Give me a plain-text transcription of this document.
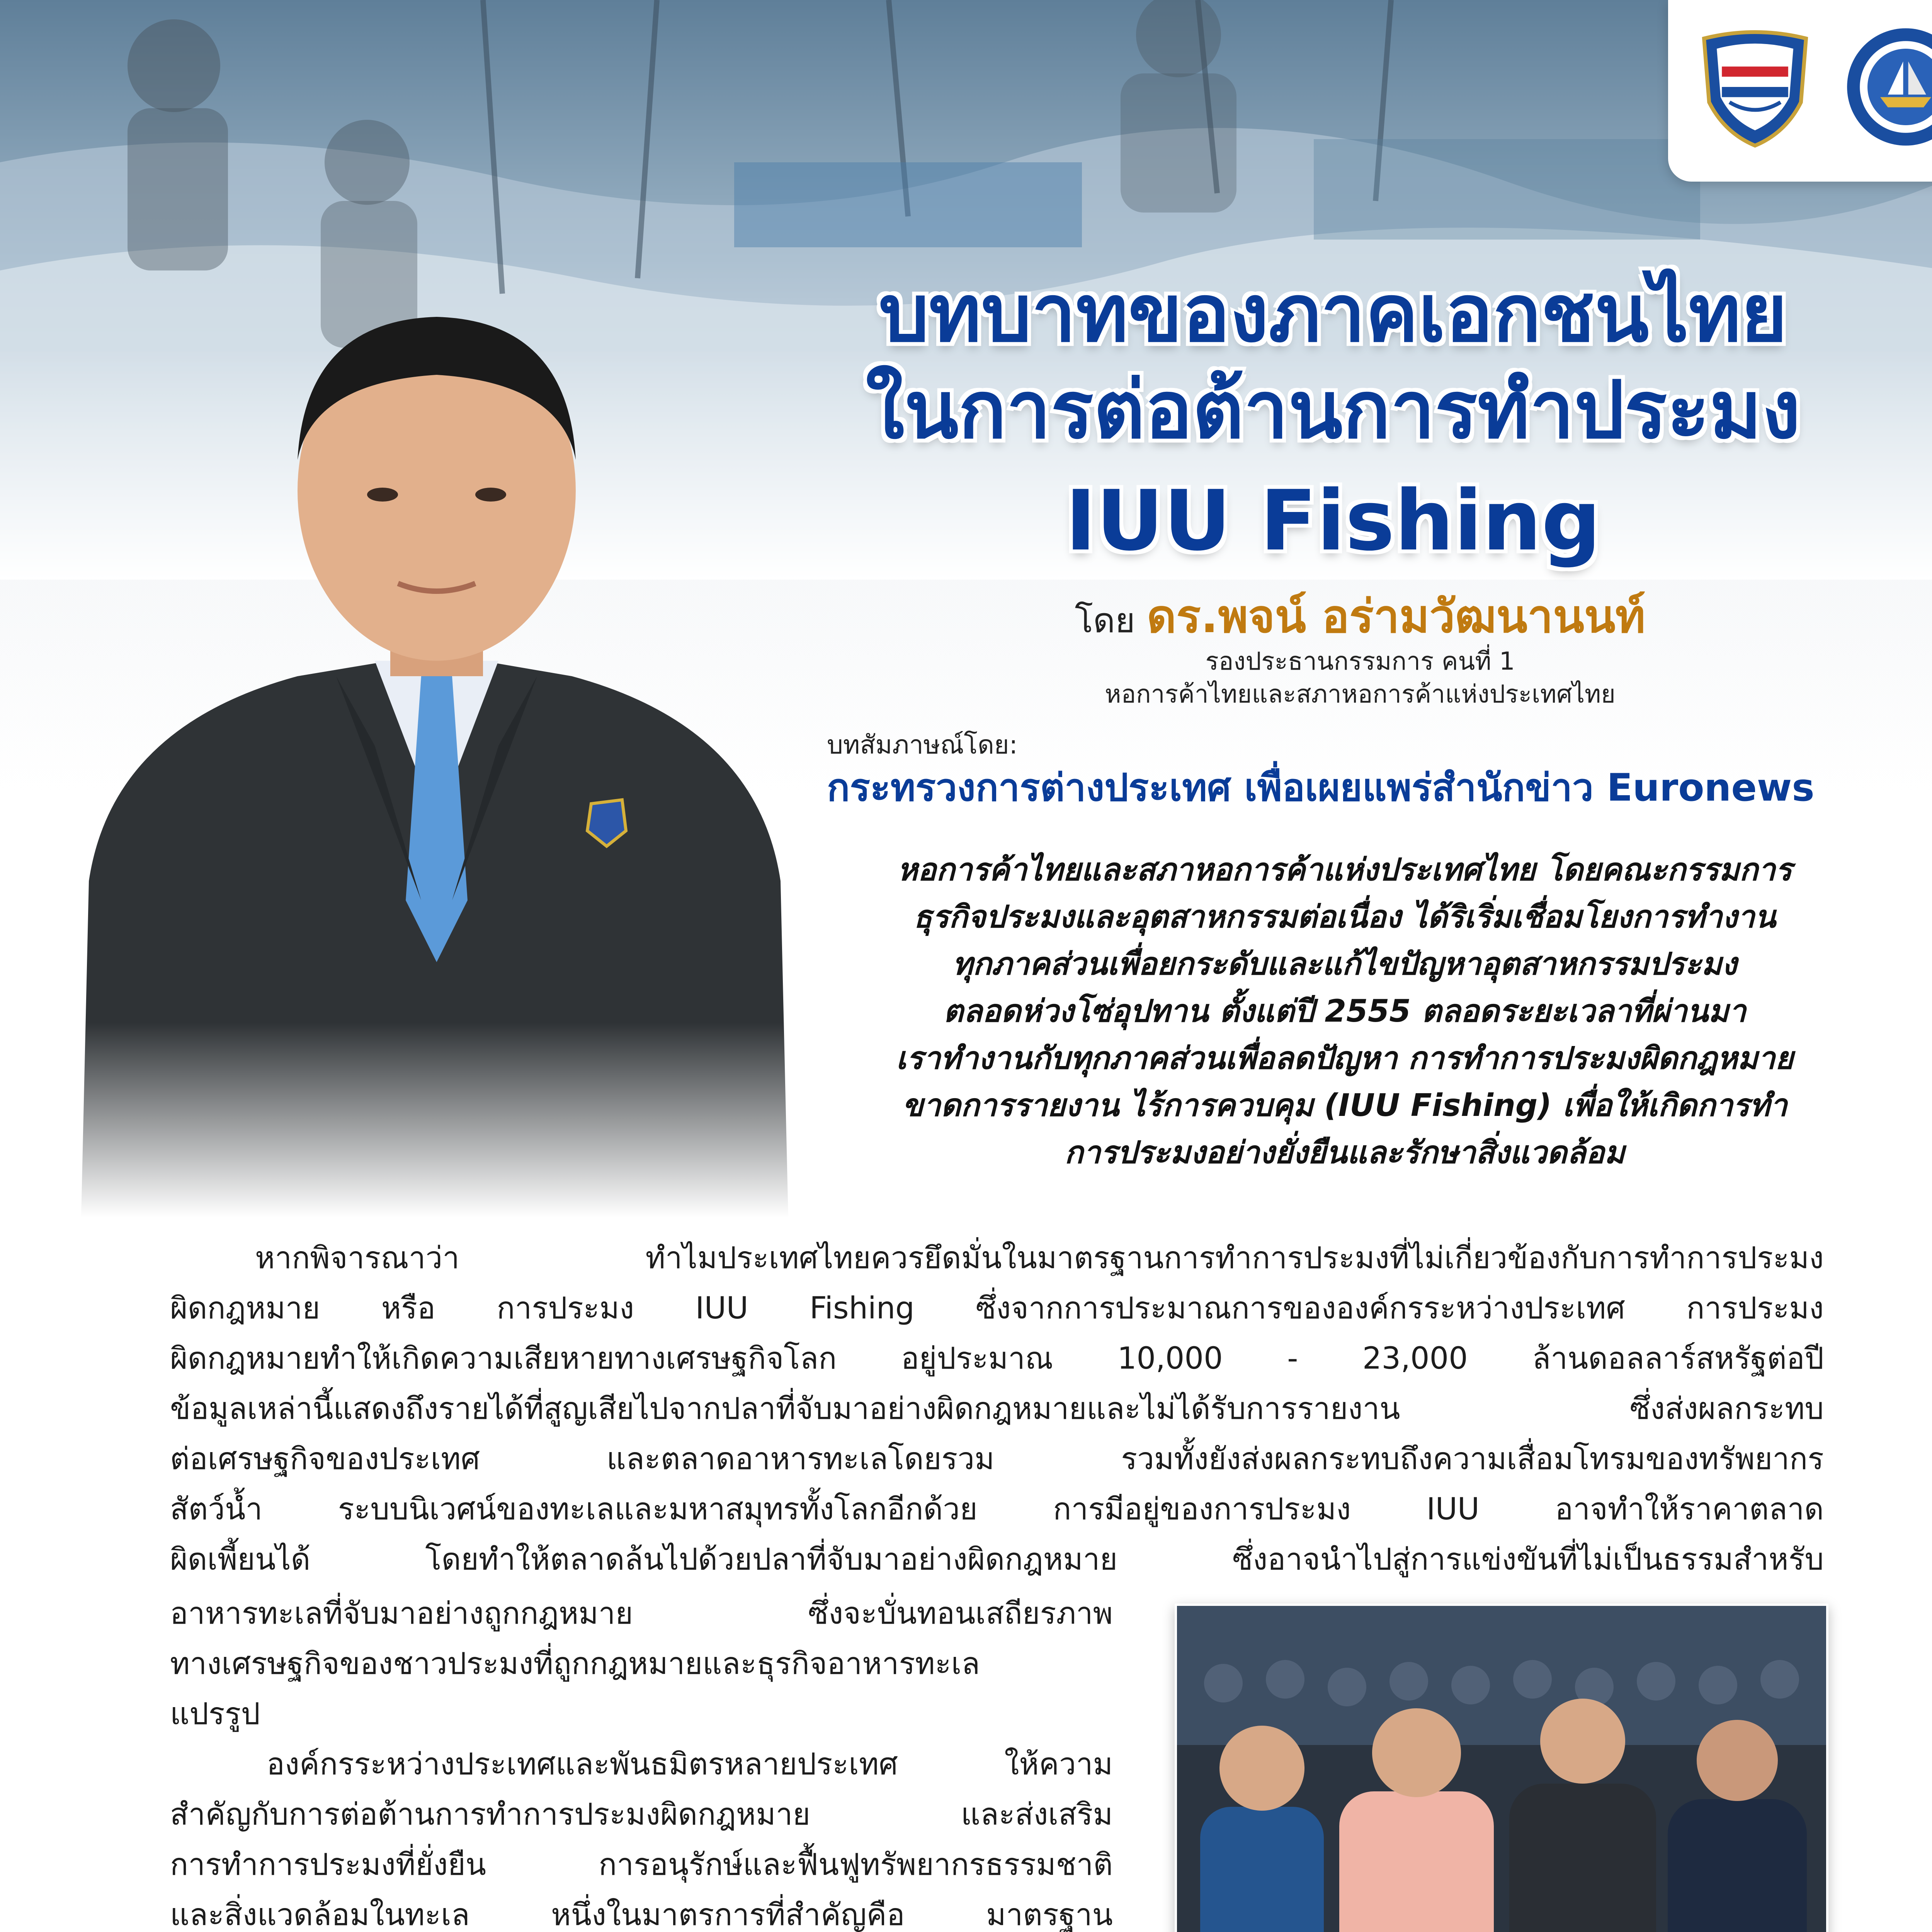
บทบาทของภาคเอกชนไทย
ในการต่อต้านการทำประมง
IUU Fishing
โดย ดร.พจน์ อร่ามวัฒนานนท์
รองประธานกรรมการ คนที่ 1
หอการค้าไทยและสภาหอการค้าแห่งประเทศไทย
บทสัมภาษณ์โดย:
กระทรวงการต่างประเทศ เพื่อเผยแพร่สำนักข่าว Euronews
หอการค้าไทยและสภาหอการค้าแห่งประเทศไทย โดยคณะกรรมการ
ธุรกิจประมงและอุตสาหกรรมต่อเนื่อง ได้ริเริ่มเชื่อมโยงการทำงาน
ทุกภาคส่วนเพื่อยกระดับและแก้ไขปัญหาอุตสาหกรรมประมง
ตลอดห่วงโซ่อุปทาน ตั้งแต่ปี 2555 ตลอดระยะเวลาที่ผ่านมา
เราทำงานกับทุกภาคส่วนเพื่อลดปัญหา การทำการประมงผิดกฎหมาย
ขาดการรายงาน ไร้การควบคุม (IUU Fishing) เพื่อให้เกิดการทำ
การประมงอย่างยั่งยืนและรักษาสิ่งแวดล้อม
หากพิจารณาว่า ทำไมประเทศไทยควรยึดมั่นในมาตรฐานการทำการประมงที่ไม่เกี่ยวข้องกับการทำการประมง
ผิดกฎหมาย หรือ การประมง IUU Fishing ซึ่งจากการประมาณการขององค์กรระหว่างประเทศ การประมง
ผิดกฎหมายทำให้เกิดความเสียหายทางเศรษฐกิจโลก อยู่ประมาณ 10,000 - 23,000 ล้านดอลลาร์สหรัฐต่อปี
ข้อมูลเหล่านี้แสดงถึงรายได้ที่สูญเสียไปจากปลาที่จับมาอย่างผิดกฎหมายและไม่ได้รับการรายงาน ซึ่งส่งผลกระทบ
ต่อเศรษฐกิจของประเทศ และตลาดอาหารทะเลโดยรวม รวมทั้งยังส่งผลกระทบถึงความเสื่อมโทรมของทรัพยากร
สัตว์น้ำ ระบบนิเวศน์ของทะเลและมหาสมุทรทั้งโลกอีกด้วย การมีอยู่ของการประมง IUU อาจทำให้ราคาตลาด
ผิดเพี้ยนได้ โดยทำให้ตลาดล้นไปด้วยปลาที่จับมาอย่างผิดกฎหมาย ซึ่งอาจนำไปสู่การแข่งขันที่ไม่เป็นธรรมสำหรับ
อาหารทะเลที่จับมาอย่างถูกกฎหมาย ซึ่งจะบั่นทอนเสถียรภาพ
ทางเศรษฐกิจของชาวประมงที่ถูกกฎหมายและธุรกิจอาหารทะเล
แปรรูป
องค์กรระหว่างประเทศและพันธมิตรหลายประเทศ ให้ความ
สำคัญกับการต่อต้านการทำการประมงผิดกฎหมาย และส่งเสริม
การทำการประมงที่ยั่งยืน การอนุรักษ์และฟื้นฟูทรัพยากรธรรมชาติ
และสิ่งแวดล้อมในทะเล หนึ่งในมาตรการที่สำคัญคือ มาตรฐาน
